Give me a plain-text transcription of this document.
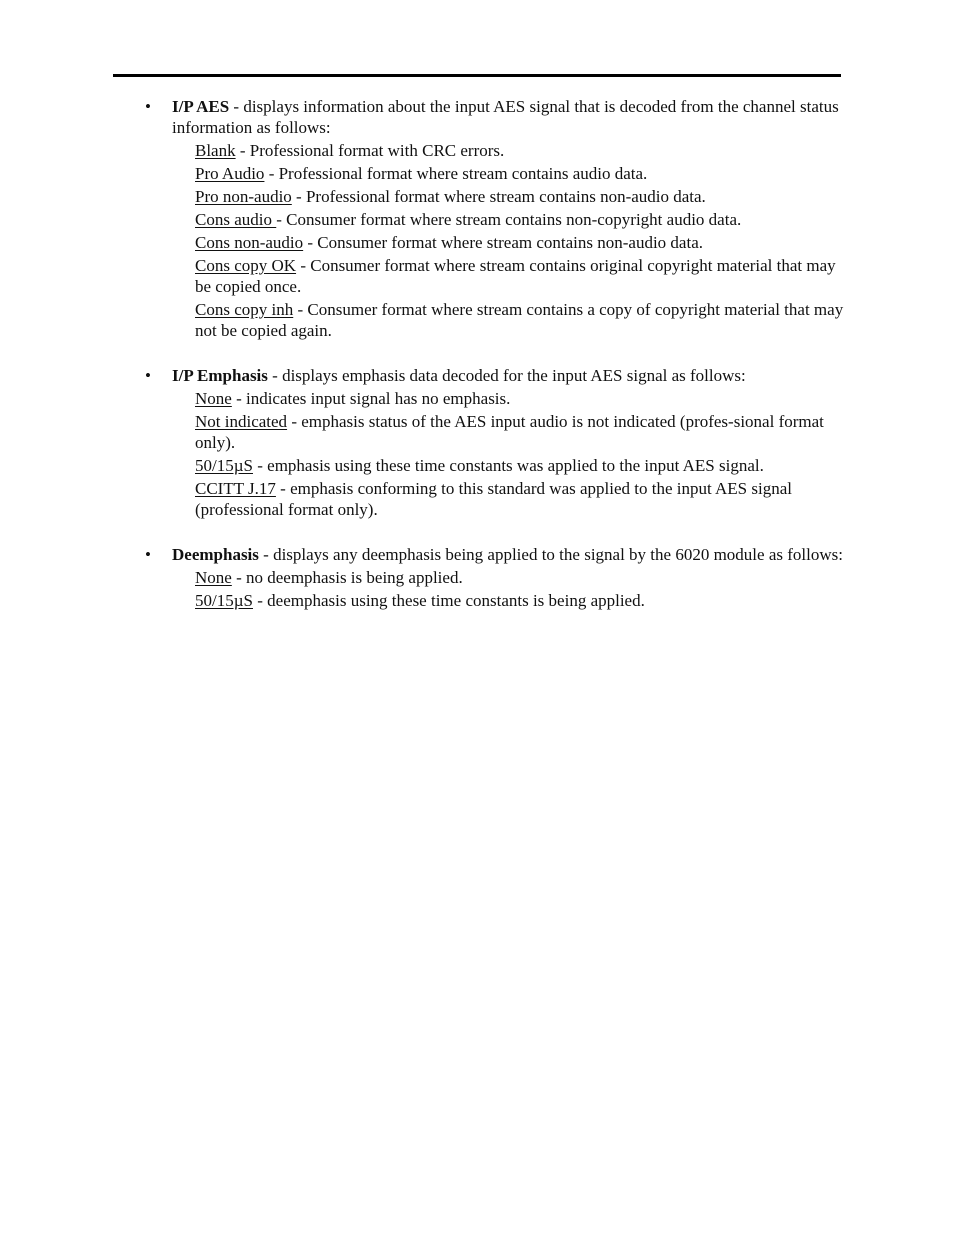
• I/P AES - displays information about the input AES signal that is decoded from the channel status information as follows:

Blank - Professional format with CRC errors.
Pro Audio - Professional format where stream contains audio data.
Pro non-audio - Professional format where stream contains non-audio data.
Cons audio - Consumer format where stream contains non-copyright audio data.
Cons non-audio - Consumer format where stream contains non-audio data.
Cons copy OK - Consumer format where stream contains original copyright material that may be copied once.
Cons copy inh - Consumer format where stream contains a copy of copyright material that may not be copied again.
• I/P Emphasis - displays emphasis data decoded for the input AES signal as follows:

None - indicates input signal has no emphasis.
Not indicated - emphasis status of the AES input audio is not indicated (profes-sional format only).
50/15µS - emphasis using these time constants was applied to the input AES signal.
CCITT J.17 - emphasis conforming to this standard was applied to the input AES signal (professional format only).
• Deemphasis - displays any deemphasis being applied to the signal by the 6020 module as follows:

None - no deemphasis is being applied.
50/15µS - deemphasis using these time constants is being applied.
